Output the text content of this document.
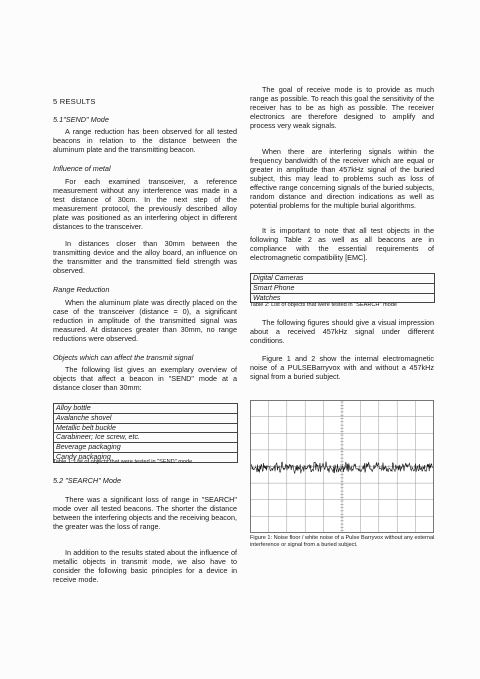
5 RESULTS
5.1"SEND" Mode

A range reduction has been observed for all tested beacons in relation to the distance between the aluminum plate and the transmitting beacon.

Influence of metal

For each examined transceiver, a reference measurement without any interference was made in a test distance of 30cm. In the next step of the measurement protocol, the previously described alloy plate was positioned as an interfering object in different distances to the transceiver.

In distances closer than 30mm between the transmitting device and the alloy board, an influence on the transmitter and the transmitted field strength was observed.

Range Reduction

When the aluminum plate was directly placed on the case of the transceiver (distance = 0), a significant reduction in amplitude of the transmitted signal was measured. At distances greater than 30mm, no range reductions were observed.

Objects which can affect the transmit signal

The following list gives an exemplary overview of objects that affect a beacon in "SEND" mode at a distance closer than 30mm:

Alloy bottle
Avalanche shovel
Metallic belt buckle
Carabineer; Ice screw, etc.
Beverage packaging
Candy packaging
Table 1: List of objects that were tested in "SEND" mode
5.2 "SEARCH" Mode

There was a significant loss of range in "SEARCH" mode over all tested beacons. The shorter the distance between the interfering objects and the receiving beacon, the greater was the loss of range.

In addition to the results stated about the influence of metallic objects in transmit mode, we also have to consider the following basic principles for a device in receive mode.

The goal of receive mode is to provide as much range as possible. To reach this goal the sensitivity of the receiver has to be as high as possible. The receiver electronics are therefore designed to amplify and process very weak signals.

When there are interfering signals within the frequency bandwidth of the receiver which are equal or greater in amplitude than 457kHz signal of the buried subject, this may lead to problems such as loss of effective range concerning signals of the buried subjects, random distance and direction indications as well as potential problems for the multiple burial algorithms.

It is important to note that all test objects in the following Table 2 as well as all beacons are in compliance with the essential requirements of electromagnetic compatibility [EMC].

Digital Cameras
Smart Phone
Watches
Table 2: List of objects that were tested in "SEARCH" mode

The following figures should give a visual impression about a received 457kHz signal under different conditions.

Figure 1 and 2 show the internal electromagnetic noise of a PULSEBarryvox with and without a 457kHz signal from a buried subject.

Figure 1: Noise floor / white noise of a Pulse Barryvox without any external interference or signal from a buried subject.
